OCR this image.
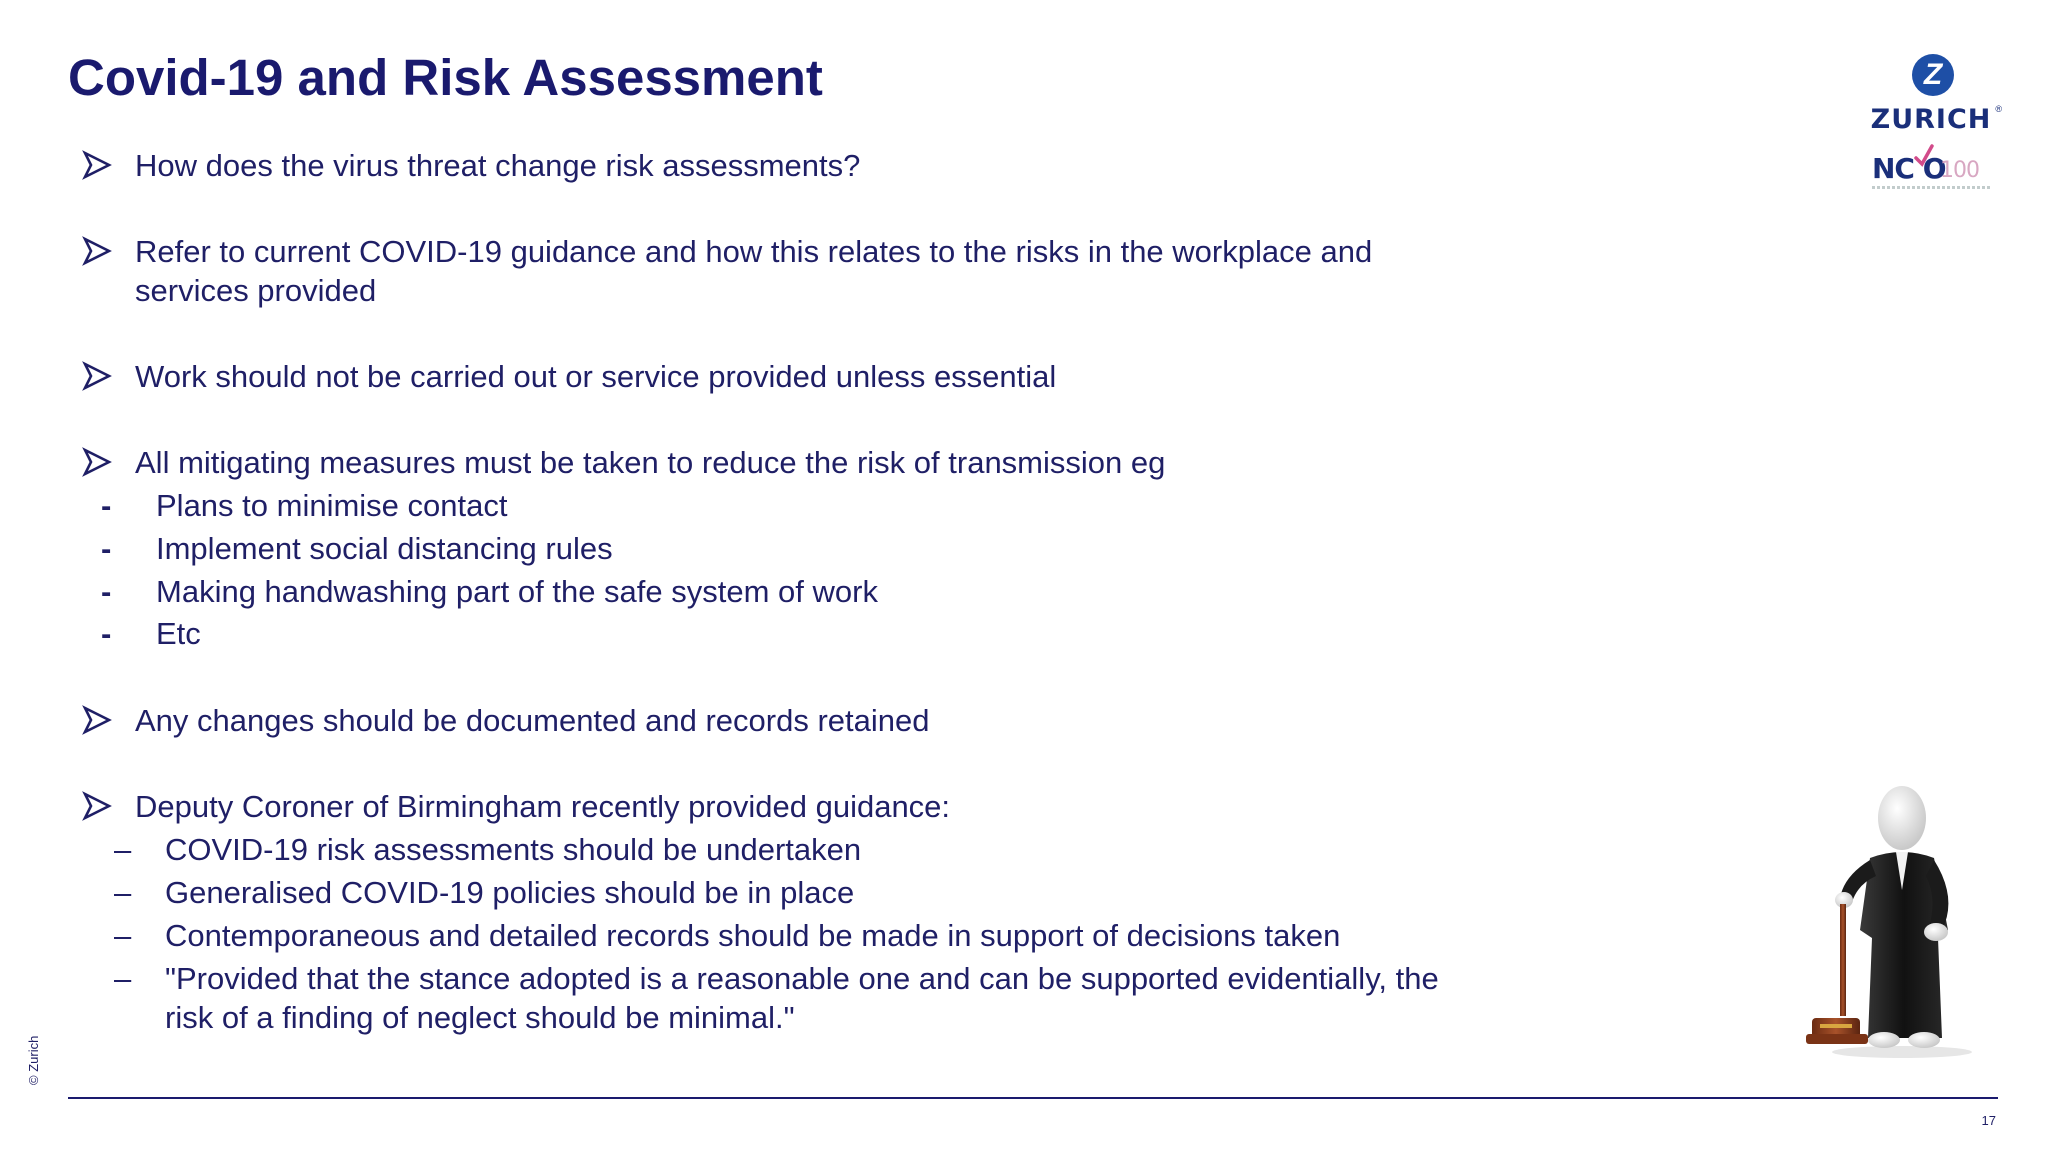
Covid-19 and Risk Assessment
How does the virus threat change risk assessments?
Refer to current COVID-19 guidance and how this relates to the risks in the workplace and
services provided
Work should not be carried out or service provided unless essential
All mitigating measures must be taken to reduce the risk of transmission eg
- Plans to minimise contact
- Implement social distancing rules
- Making handwashing part of the safe system of work
- Etc
Any changes should be documented and records retained
Deputy Coroner of Birmingham recently provided guidance:
– COVID-19 risk assessments should be undertaken
– Generalised COVID-19 policies should be in place
– Contemporaneous and detailed records should be made in support of decisions taken
– "Provided that the stance adopted is a reasonable one and can be supported evidentially, the
risk of a finding of neglect should be minimal."
Z
ZURICH ®
NC O
100
© Zurich
17
